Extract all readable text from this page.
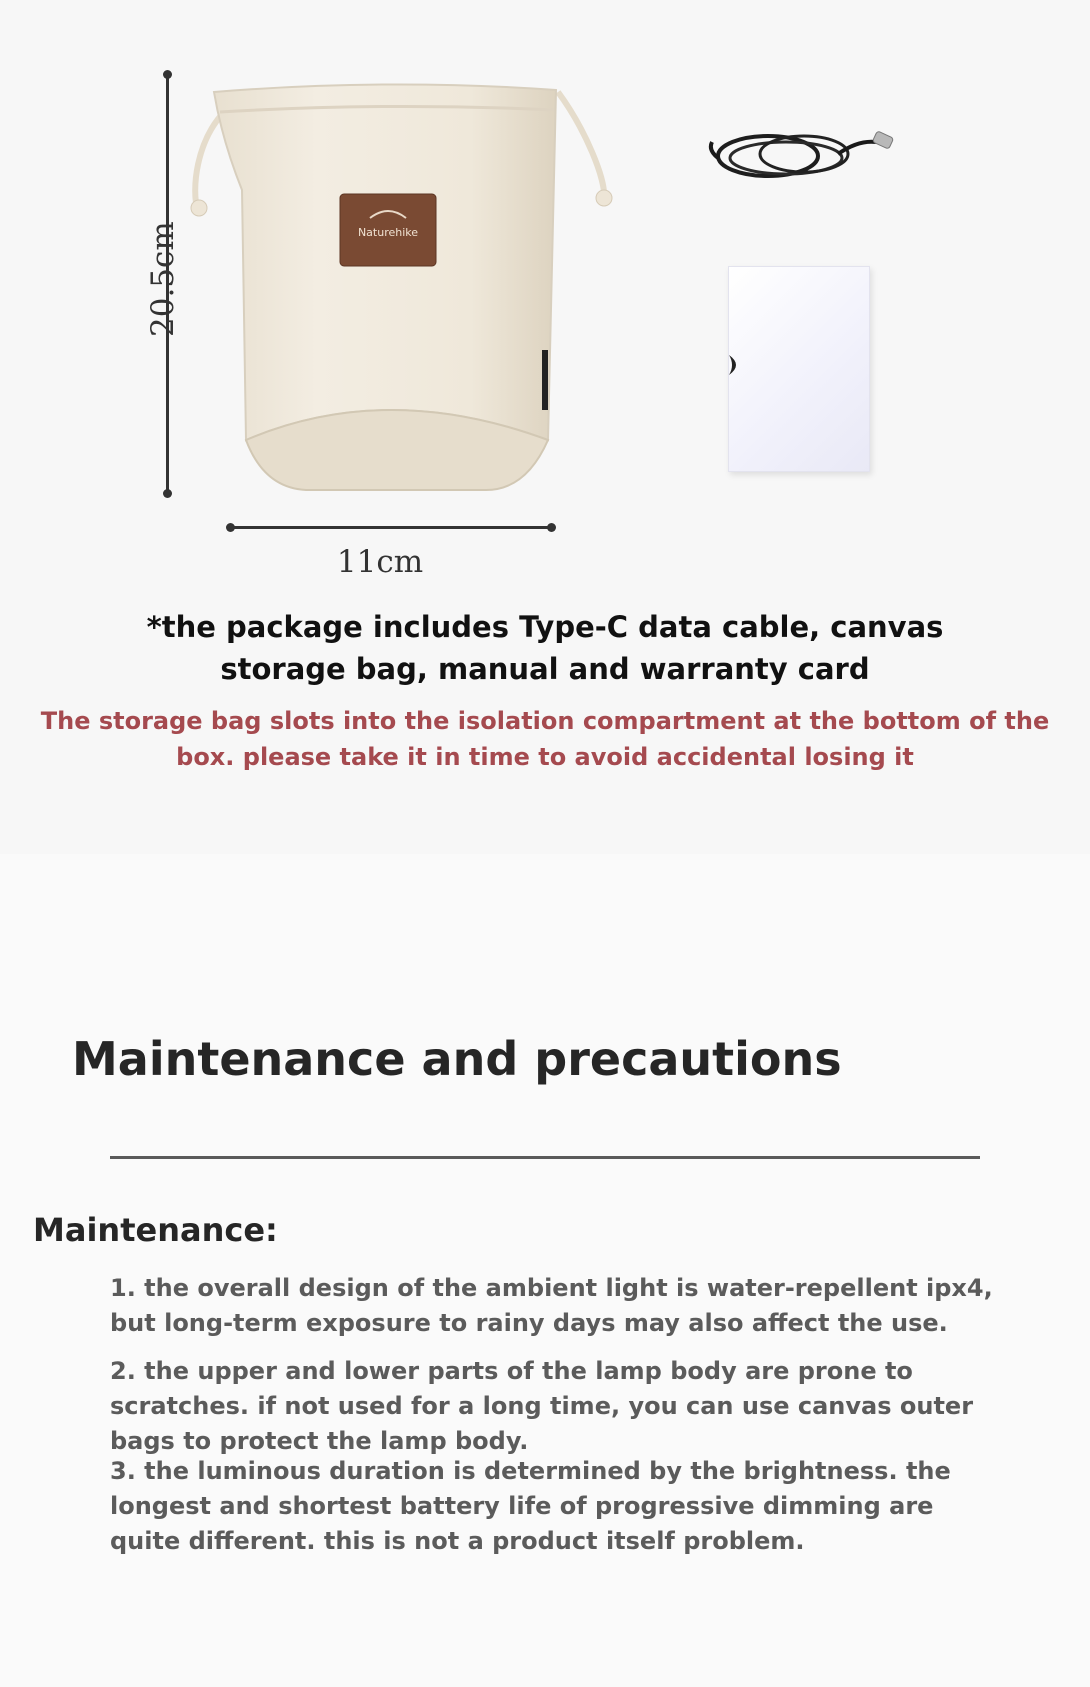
20.5cm
11cm
Naturehike
*the package includes Type-C data cable, canvas storage bag, manual and warranty card
The storage bag slots into the isolation compartment at the bottom of the box. please take it in time to avoid accidental losing it
Maintenance and precautions
Maintenance:
1. the overall design of the ambient light is water-repellent ipx4, but long-term exposure to rainy days may also affect the use.
2. the upper and lower parts of the lamp body are prone to scratches. if not used for a long time, you can use canvas outer bags to protect the lamp body.
3. the luminous duration is determined by the brightness. the longest and shortest battery life of progressive dimming are quite different. this is not a product itself problem.
